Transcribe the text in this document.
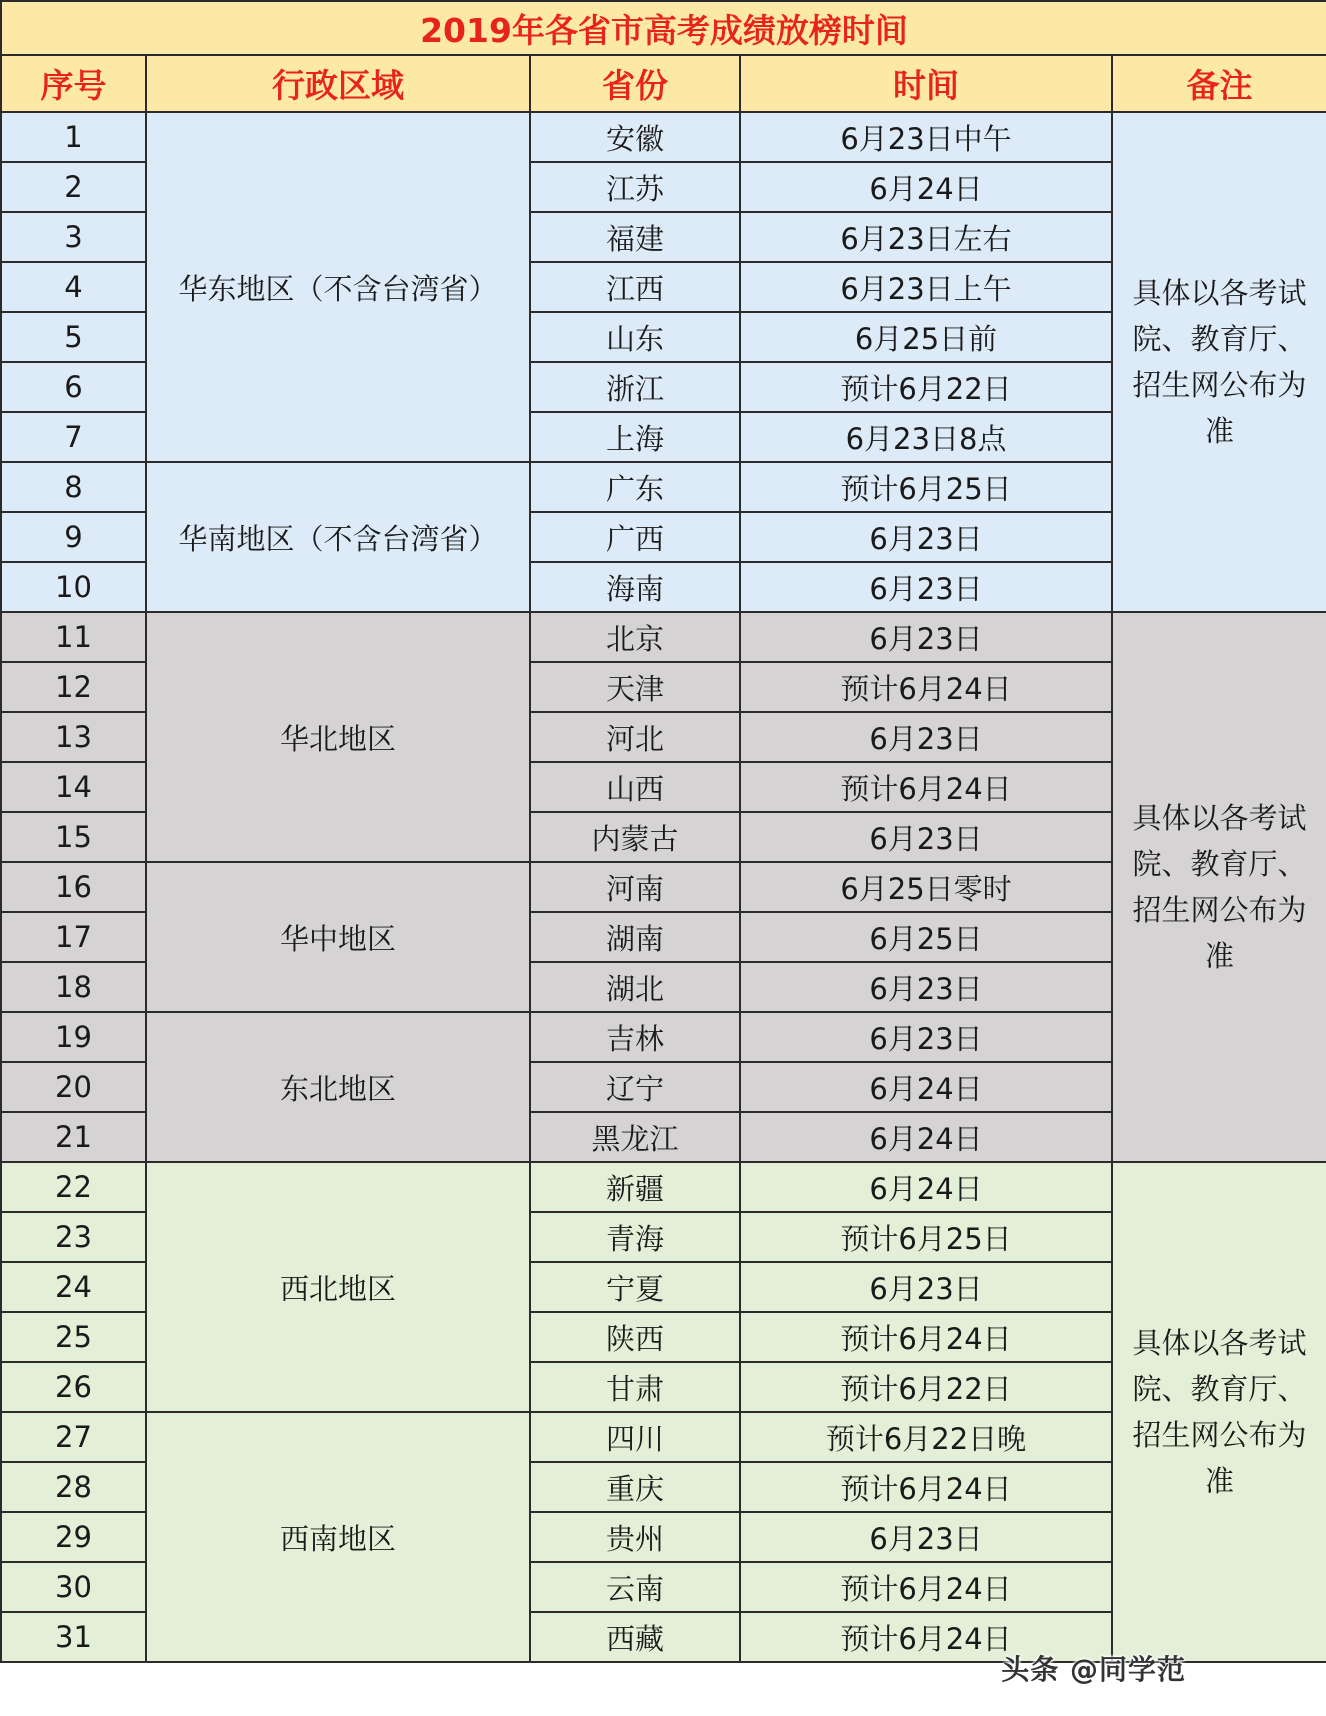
2019年各省市高考成绩放榜时间				
序号	行政区域	省份	时间	备注
1	华东地区（不含台湾省）	安徽	6月23日中午	具体以各考试院、教育厅、招生网公布为准
2		江苏	6月24日	
3		福建	6月23日左右	
4		江西	6月23日上午	
5		山东	6月25日前	
6		浙江	预计6月22日	
7		上海	6月23日8点	
8	华南地区（不含台湾省）	广东	预计6月25日	
9		广西	6月23日	
10		海南	6月23日	
11	华北地区	北京	6月23日	具体以各考试院、教育厅、招生网公布为准
12		天津	预计6月24日	
13		河北	6月23日	
14		山西	预计6月24日	
15		内蒙古	6月23日	
16	华中地区	河南	6月25日零时	
17		湖南	6月25日	
18		湖北	6月23日	
19	东北地区	吉林	6月23日	
20		辽宁	6月24日	
21		黑龙江	6月24日	
22	西北地区	新疆	6月24日	具体以各考试院、教育厅、招生网公布为准
23		青海	预计6月25日	
24		宁夏	6月23日	
25		陕西	预计6月24日	
26		甘肃	预计6月22日	
27	西南地区	四川	预计6月22日晚	
28		重庆	预计6月24日	
29		贵州	6月23日	
30		云南	预计6月24日	
31		西藏	预计6月24日	
头条 @同学范
